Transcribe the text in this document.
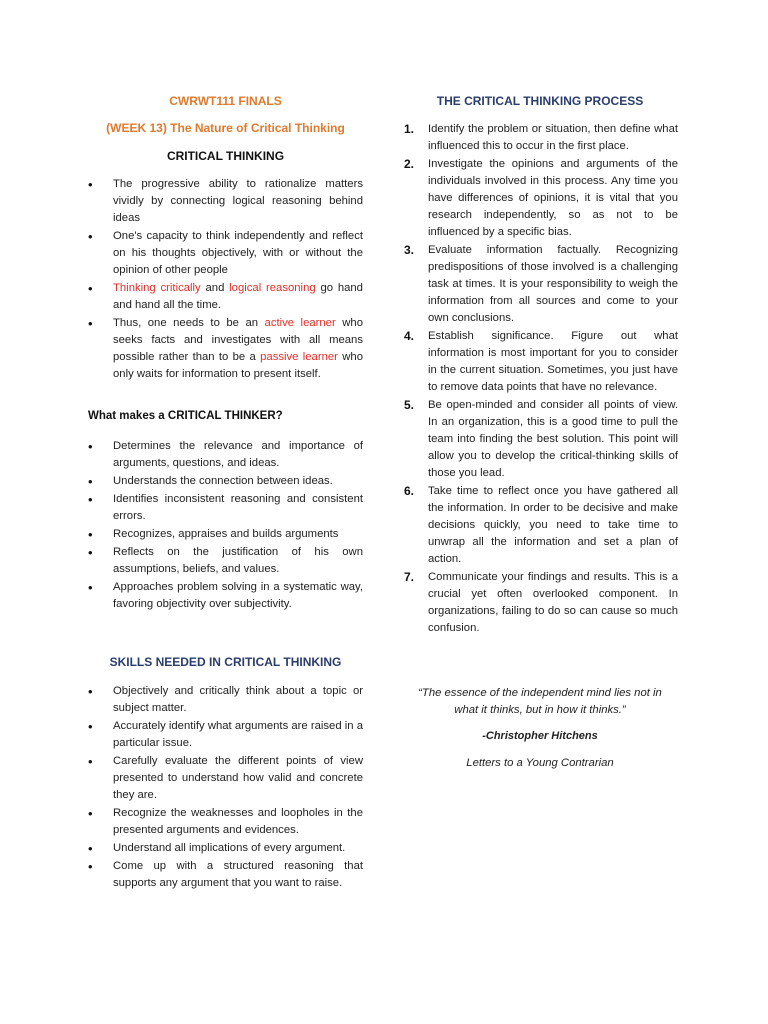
CWRWT111 FINALS
(WEEK 13) The Nature of Critical Thinking
CRITICAL THINKING
• The progressive ability to rationalize matters vividly by connecting logical reasoning behind ideas
• One's capacity to think independently and reflect on his thoughts objectively, with or without the opinion of other people
• Thinking critically and logical reasoning go hand and hand all the time.
• Thus, one needs to be an active learner who seeks facts and investigates with all means possible rather than to be a passive learner who only waits for information to present itself.
What makes a CRITICAL THINKER?
• Determines the relevance and importance of arguments, questions, and ideas.
• Understands the connection between ideas.
• Identifies inconsistent reasoning and consistent errors.
• Recognizes, appraises and builds arguments
• Reflects on the justification of his own assumptions, beliefs, and values.
• Approaches problem solving in a systematic way, favoring objectivity over subjectivity.
SKILLS NEEDED IN CRITICAL THINKING
• Objectively and critically think about a topic or subject matter.
• Accurately identify what arguments are raised in a particular issue.
• Carefully evaluate the different points of view presented to understand how valid and concrete they are.
• Recognize the weaknesses and loopholes in the presented arguments and evidences.
• Understand all implications of every argument.
• Come up with a structured reasoning that supports any argument that you want to raise.
THE CRITICAL THINKING PROCESS
1. Identify the problem or situation, then define what influenced this to occur in the first place.
2. Investigate the opinions and arguments of the individuals involved in this process. Any time you have differences of opinions, it is vital that you research independently, so as not to be influenced by a specific bias.
3. Evaluate information factually. Recognizing predispositions of those involved is a challenging task at times. It is your responsibility to weigh the information from all sources and come to your own conclusions.
4. Establish significance. Figure out what information is most important for you to consider in the current situation. Sometimes, you just have to remove data points that have no relevance.
5. Be open-minded and consider all points of view. In an organization, this is a good time to pull the team into finding the best solution. This point will allow you to develop the critical-thinking skills of those you lead.
6. Take time to reflect once you have gathered all the information. In order to be decisive and make decisions quickly, you need to take time to unwrap all the information and set a plan of action.
7. Communicate your findings and results. This is a crucial yet often overlooked component. In organizations, failing to do so can cause so much confusion.
“The essence of the independent mind lies not in what it thinks, but in how it thinks.”
-Christopher Hitchens
Letters to a Young Contrarian
